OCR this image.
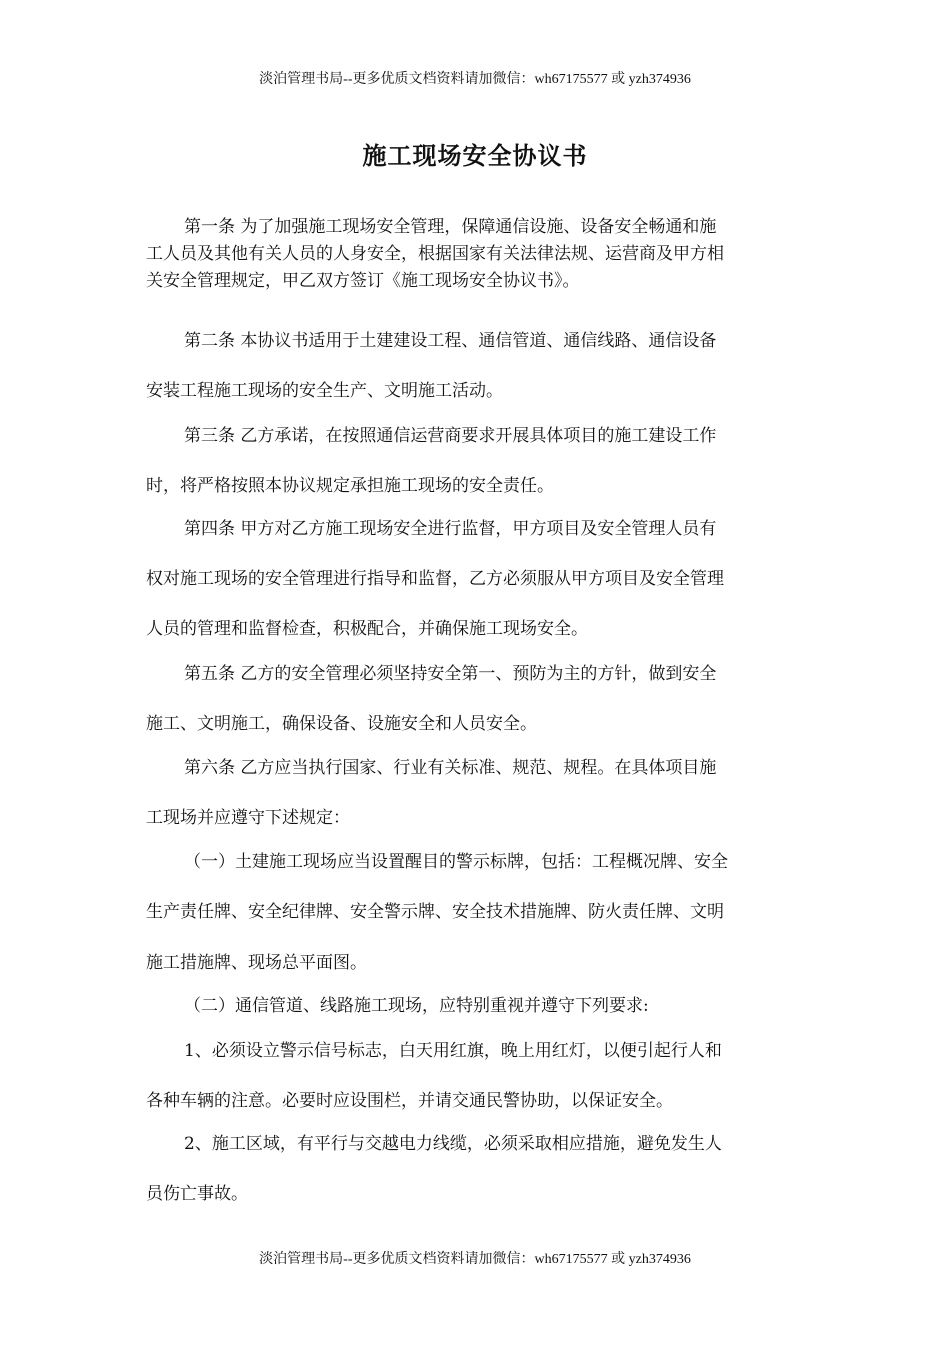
淡泊管理书局--更多优质文档资料请加微信：wh67175577 或 yzh374936
施工现场安全协议书
第一条 为了加强施工现场安全管理，保障通信设施、设备安全畅通和施
工人员及其他有关人员的人身安全，根据国家有关法律法规、运营商及甲方相
关安全管理规定，甲乙双方签订《施工现场安全协议书》。
第二条 本协议书适用于土建建设工程、通信管道、通信线路、通信设备
安装工程施工现场的安全生产、文明施工活动。
第三条 乙方承诺，在按照通信运营商要求开展具体项目的施工建设工作
时，将严格按照本协议规定承担施工现场的安全责任。
第四条 甲方对乙方施工现场安全进行监督，甲方项目及安全管理人员有
权对施工现场的安全管理进行指导和监督，乙方必须服从甲方项目及安全管理
人员的管理和监督检查，积极配合，并确保施工现场安全。
第五条 乙方的安全管理必须坚持安全第一、预防为主的方针，做到安全
施工、文明施工，确保设备、设施安全和人员安全。
第六条 乙方应当执行国家、行业有关标准、规范、规程。在具体项目施
工现场并应遵守下述规定：
（一）土建施工现场应当设置醒目的警示标牌，包括：工程概况牌、安全
生产责任牌、安全纪律牌、安全警示牌、安全技术措施牌、防火责任牌、文明
施工措施牌、现场总平面图。
（二）通信管道、线路施工现场，应特别重视并遵守下列要求:
1、必须设立警示信号标志，白天用红旗，晚上用红灯，以便引起行人和
各种车辆的注意。必要时应设围栏，并请交通民警协助，以保证安全。
2、施工区域，有平行与交越电力线缆，必须采取相应措施，避免发生人
员伤亡事故。
淡泊管理书局--更多优质文档资料请加微信：wh67175577 或 yzh374936
